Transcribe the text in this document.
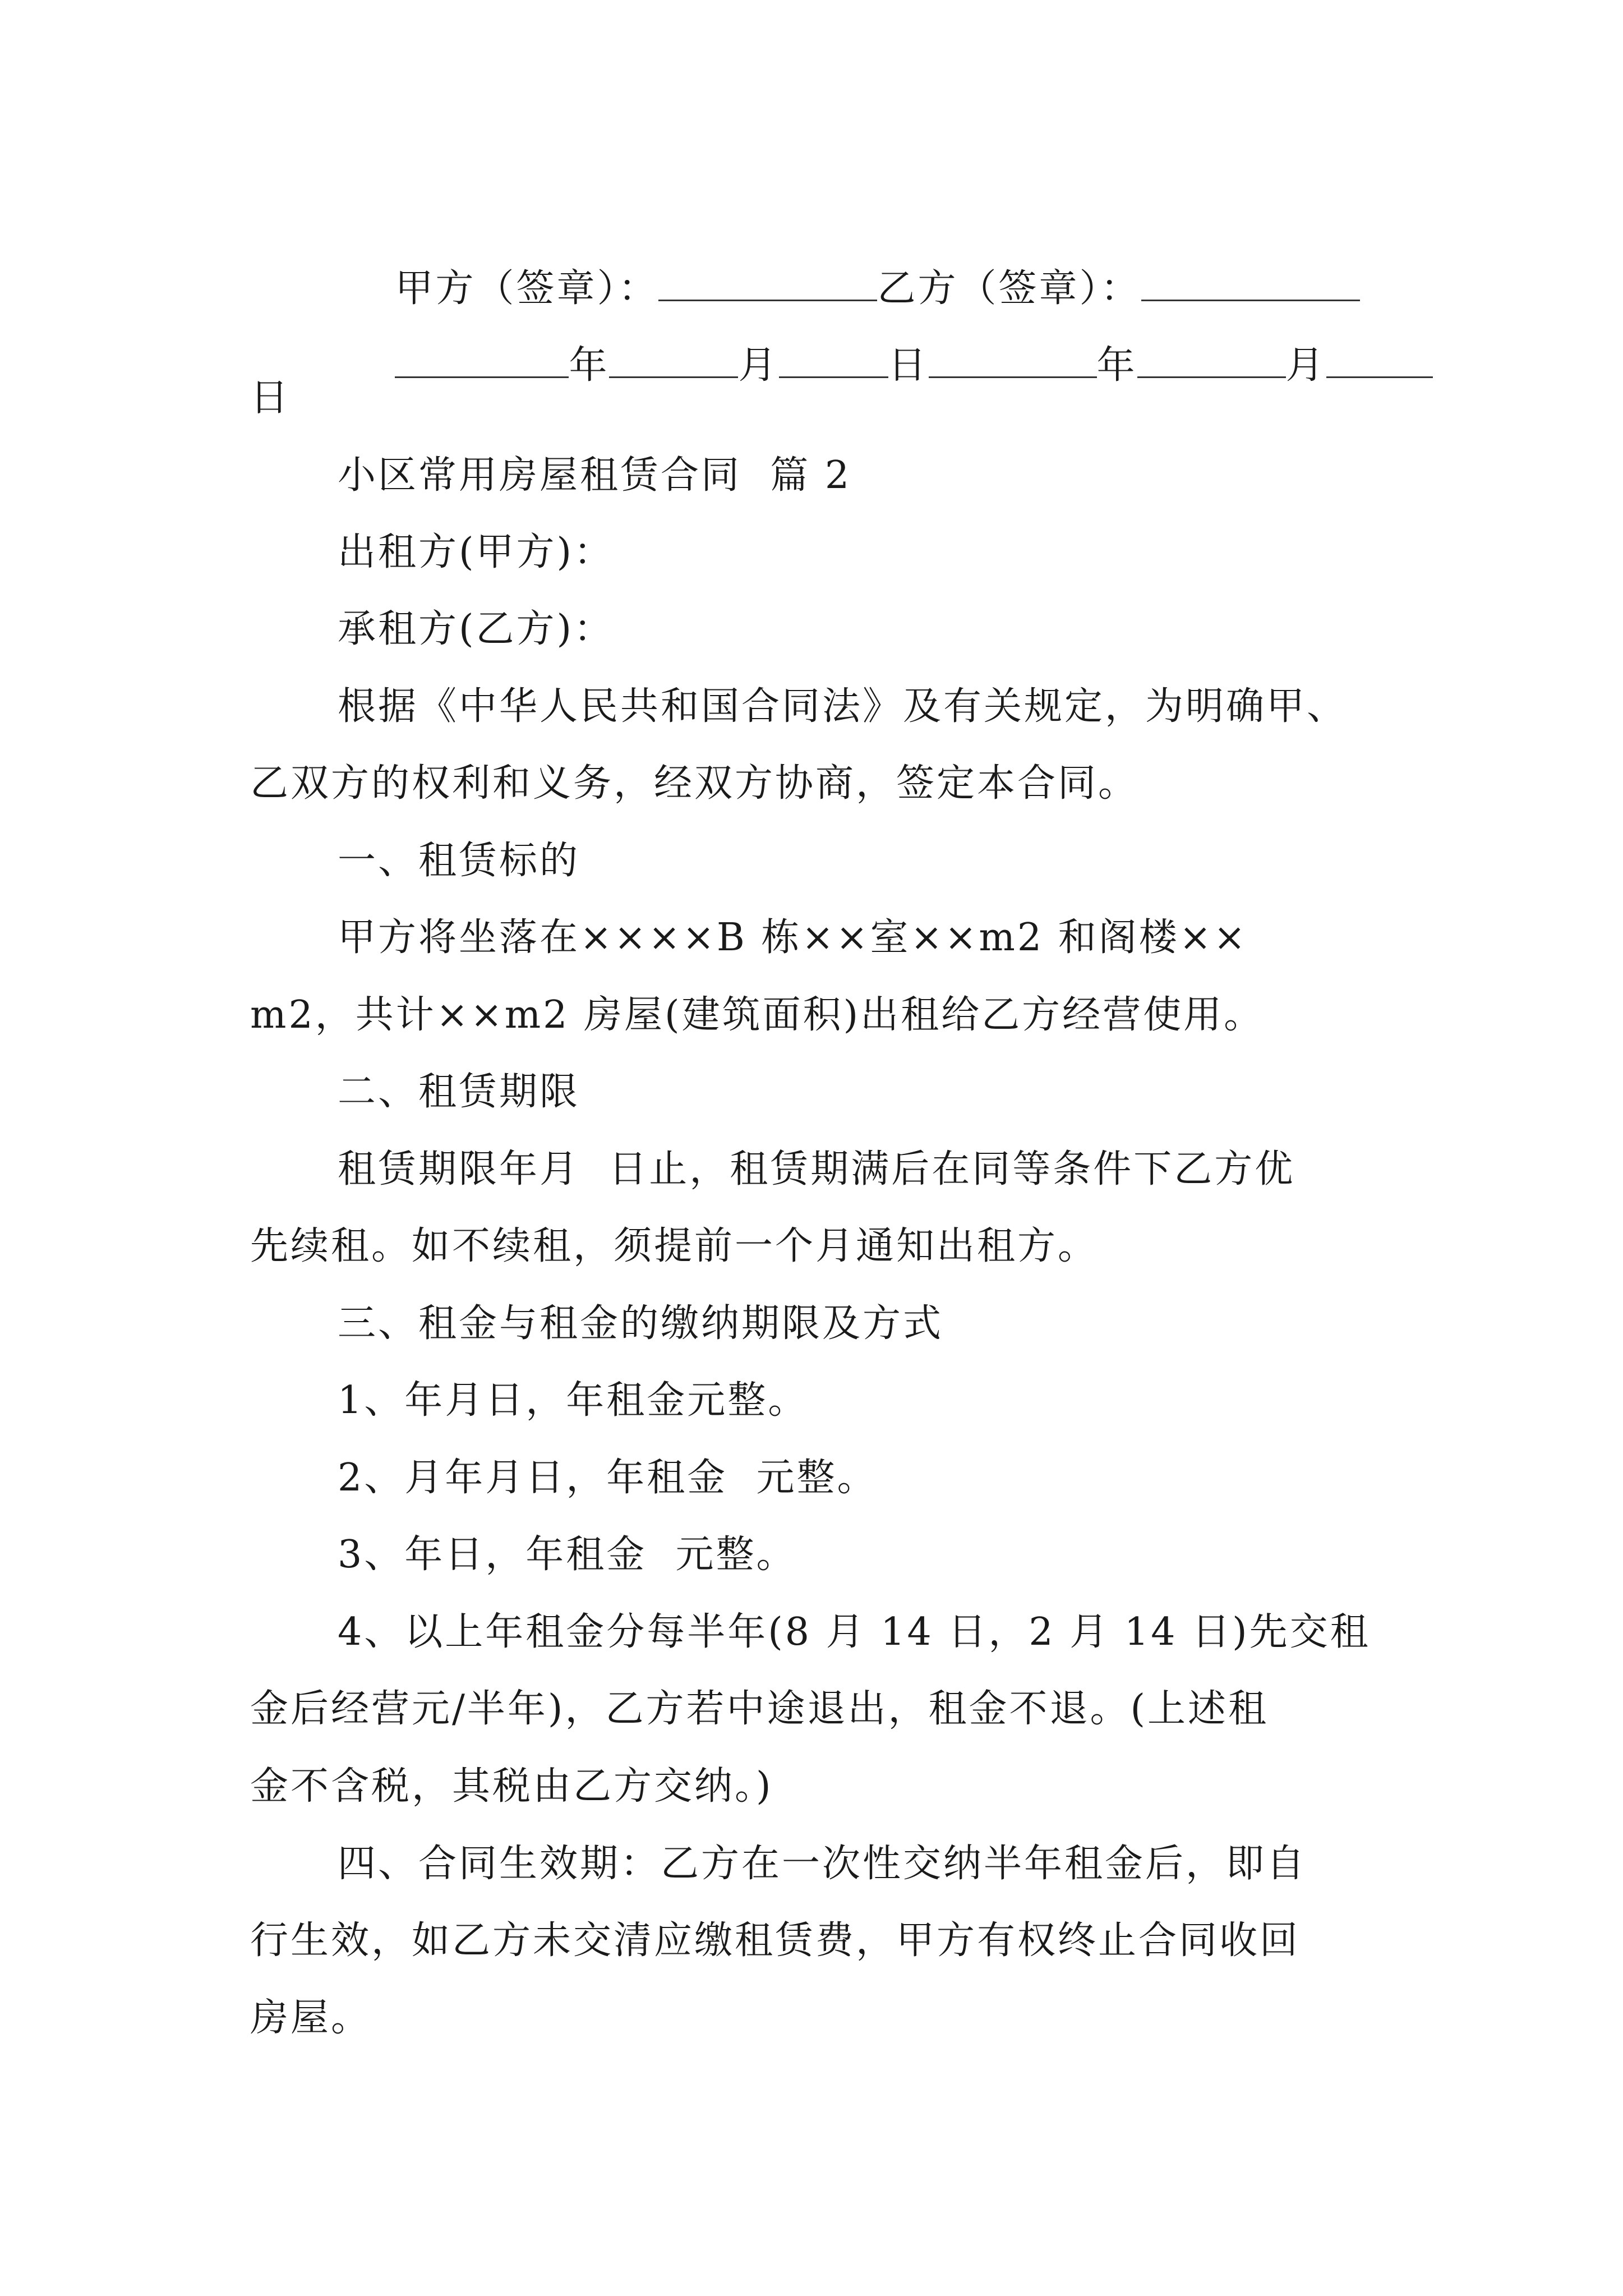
甲方（签章）：	乙方（签章）：

年	月	日	年	月

日
小区常用房屋租赁合同  篇 2
出租方(甲方)：
承租方(乙方)：
根据《中华人民共和国合同法》及有关规定，为明确甲、
乙双方的权利和义务，经双方协商，签定本合同。
一、租赁标的
甲方将坐落在××××B 栋××室××m2 和阁楼××
m2，共计××m2 房屋(建筑面积)出租给乙方经营使用。
二、租赁期限
租赁期限年月  日止，租赁期满后在同等条件下乙方优
先续租。如不续租，须提前一个月通知出租方。
三、租金与租金的缴纳期限及方式
1、年月日，年租金元整。
2、月年月日，年租金  元整。
3、年日，年租金  元整。
4、以上年租金分每半年(8 月 14 日，2 月 14 日)先交租
金后经营元/半年)，乙方若中途退出，租金不退。(上述租
金不含税，其税由乙方交纳。)
四、合同生效期：乙方在一次性交纳半年租金后，即自
行生效，如乙方未交清应缴租赁费，甲方有权终止合同收回
房屋。
